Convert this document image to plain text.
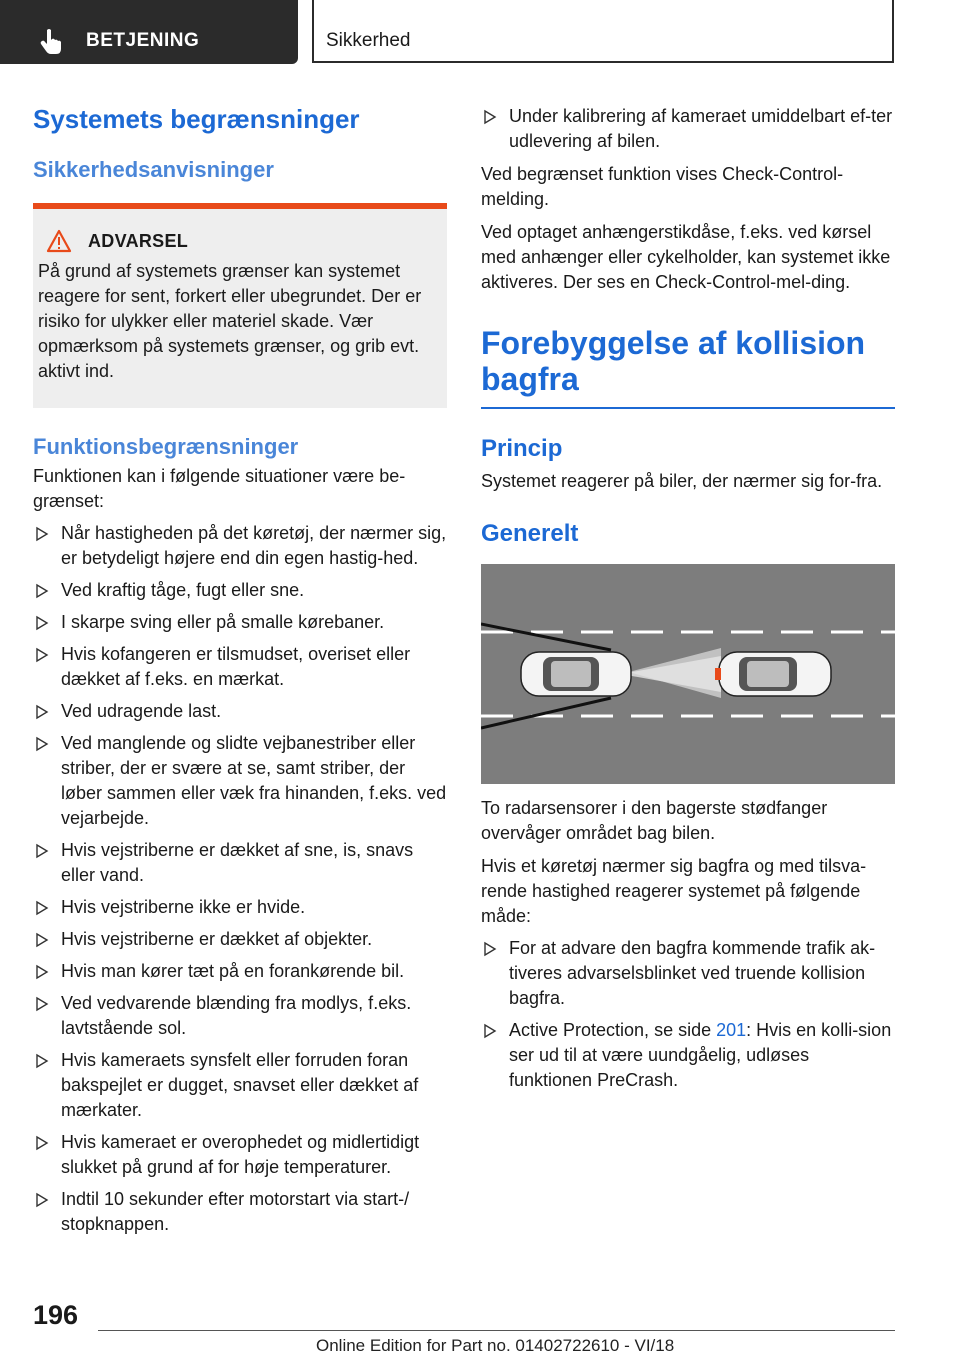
BETJENING	Sikkerhed
Systemets begrænsninger
Sikkerhedsanvisninger
ADVARSEL

På grund af systemets grænser kan systemet reagere for sent, forkert eller ubegrundet. Der er risiko for ulykker eller materiel skade. Vær opmærksom på systemets grænser, og grib evt. aktivt ind.

Funktionsbegrænsninger

Funktionen kan i følgende situationer være be-grænset:

Når hastigheden på det køretøj, der nærmer sig, er betydeligt højere end din egen hastig-hed.
Ved kraftig tåge, fugt eller sne.
I skarpe sving eller på smalle kørebaner.
Hvis kofangeren er tilsmudset, overiset eller dækket af f.eks. en mærkat.
Ved udragende last.
Ved manglende og slidte vejbanestriber eller striber, der er svære at se, samt striber, der løber sammen eller væk fra hinanden, f.eks. ved vejarbejde.
Hvis vejstriberne er dækket af sne, is, snavs eller vand.
Hvis vejstriberne ikke er hvide.
Hvis vejstriberne er dækket af objekter.
Hvis man kører tæt på en forankørende bil.
Ved vedvarende blænding fra modlys, f.eks. lavtstående sol.
Hvis kameraets synsfelt eller forruden foran bakspejlet er dugget, snavset eller dækket af mærkater.
Hvis kameraet er overophedet og midlertidigt slukket på grund af for høje temperaturer.
Indtil 10 sekunder efter motorstart via start-/ stopknappen.
Under kalibrering af kameraet umiddelbart ef-ter udlevering af bilen.

Ved begrænset funktion vises Check-Control-melding.

Ved optaget anhængerstikdåse, f.eks. ved kørsel med anhænger eller cykelholder, kan systemet ikke aktiveres. Der ses en Check-Control-mel-ding.

Forebyggelse af kollision bagfra
Princip

Systemet reagerer på biler, der nærmer sig for-fra.

Generelt

To radarsensorer i den bagerste stødfanger overvåger området bag bilen.

Hvis et køretøj nærmer sig bagfra og med tilsva-rende hastighed reagerer systemet på følgende måde:

For at advare den bagfra kommende trafik ak-tiveres advarselsblinket ved truende kollision bagfra.
Active Protection, se side 201: Hvis en kolli-sion ser ud til at være uundgåelig, udløses funktionen PreCrash.
196
Online Edition for Part no. 01402722610 - VI/18
